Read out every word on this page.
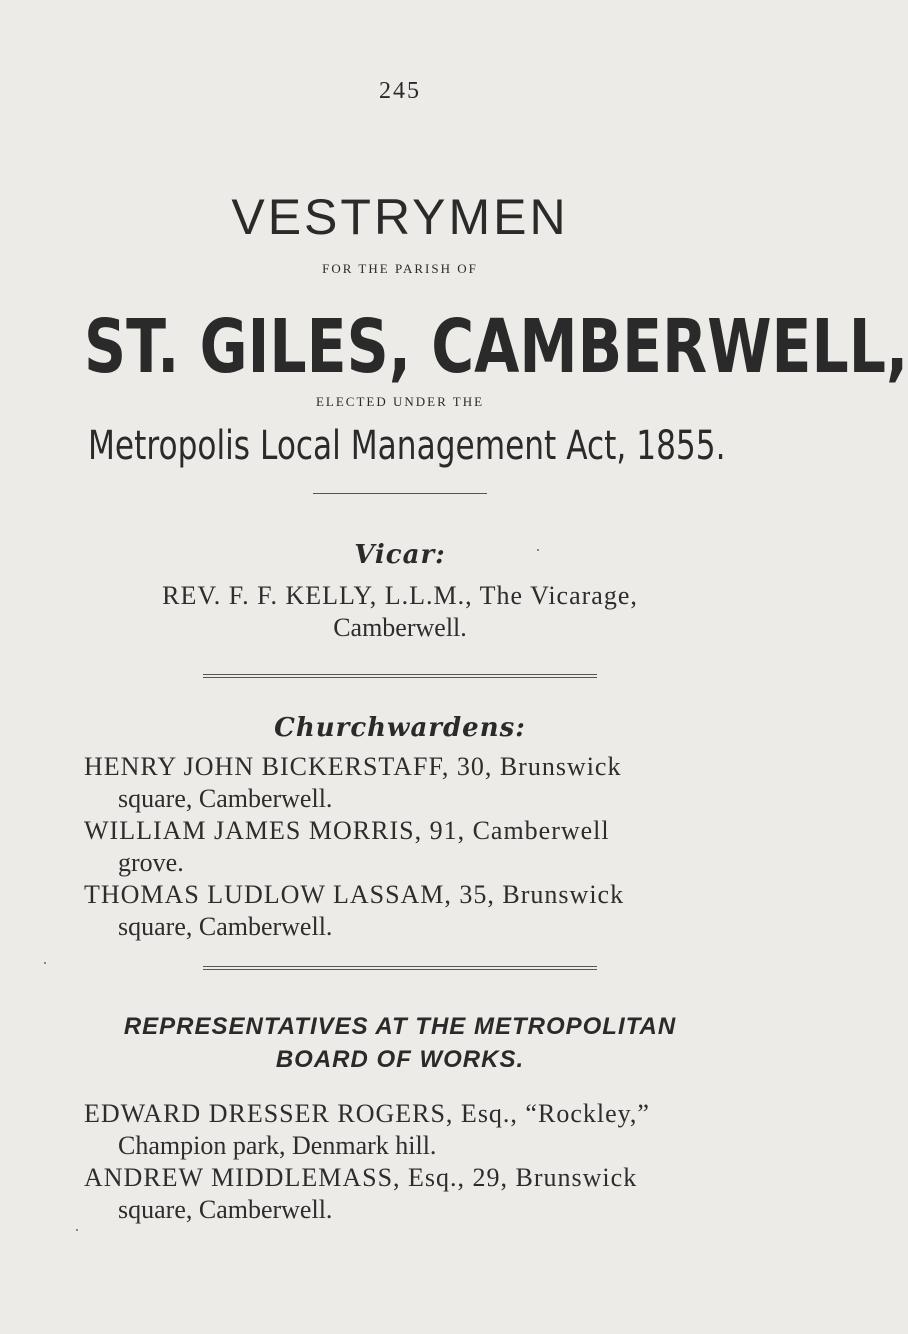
245
VESTRYMEN
FOR THE PARISH OF
ST. GILES, CAMBERWELL,
ELECTED UNDER THE
Metropolis Local Management Act, 1855.
Vicar:
REV. F. F. KELLY, L.L.M., The Vicarage,
Camberwell.
Churchwardens:
HENRY JOHN BICKERSTAFF, 30, Brunswick
square, Camberwell.
WILLIAM JAMES MORRIS, 91, Camberwell
grove.
THOMAS LUDLOW LASSAM, 35, Brunswick
square, Camberwell.
REPRESENTATIVES AT THE METROPOLITAN
BOARD OF WORKS.
EDWARD DRESSER ROGERS, Esq., “Rockley,”
Champion park, Denmark hill.
ANDREW MIDDLEMASS, Esq., 29, Brunswick
square, Camberwell.
